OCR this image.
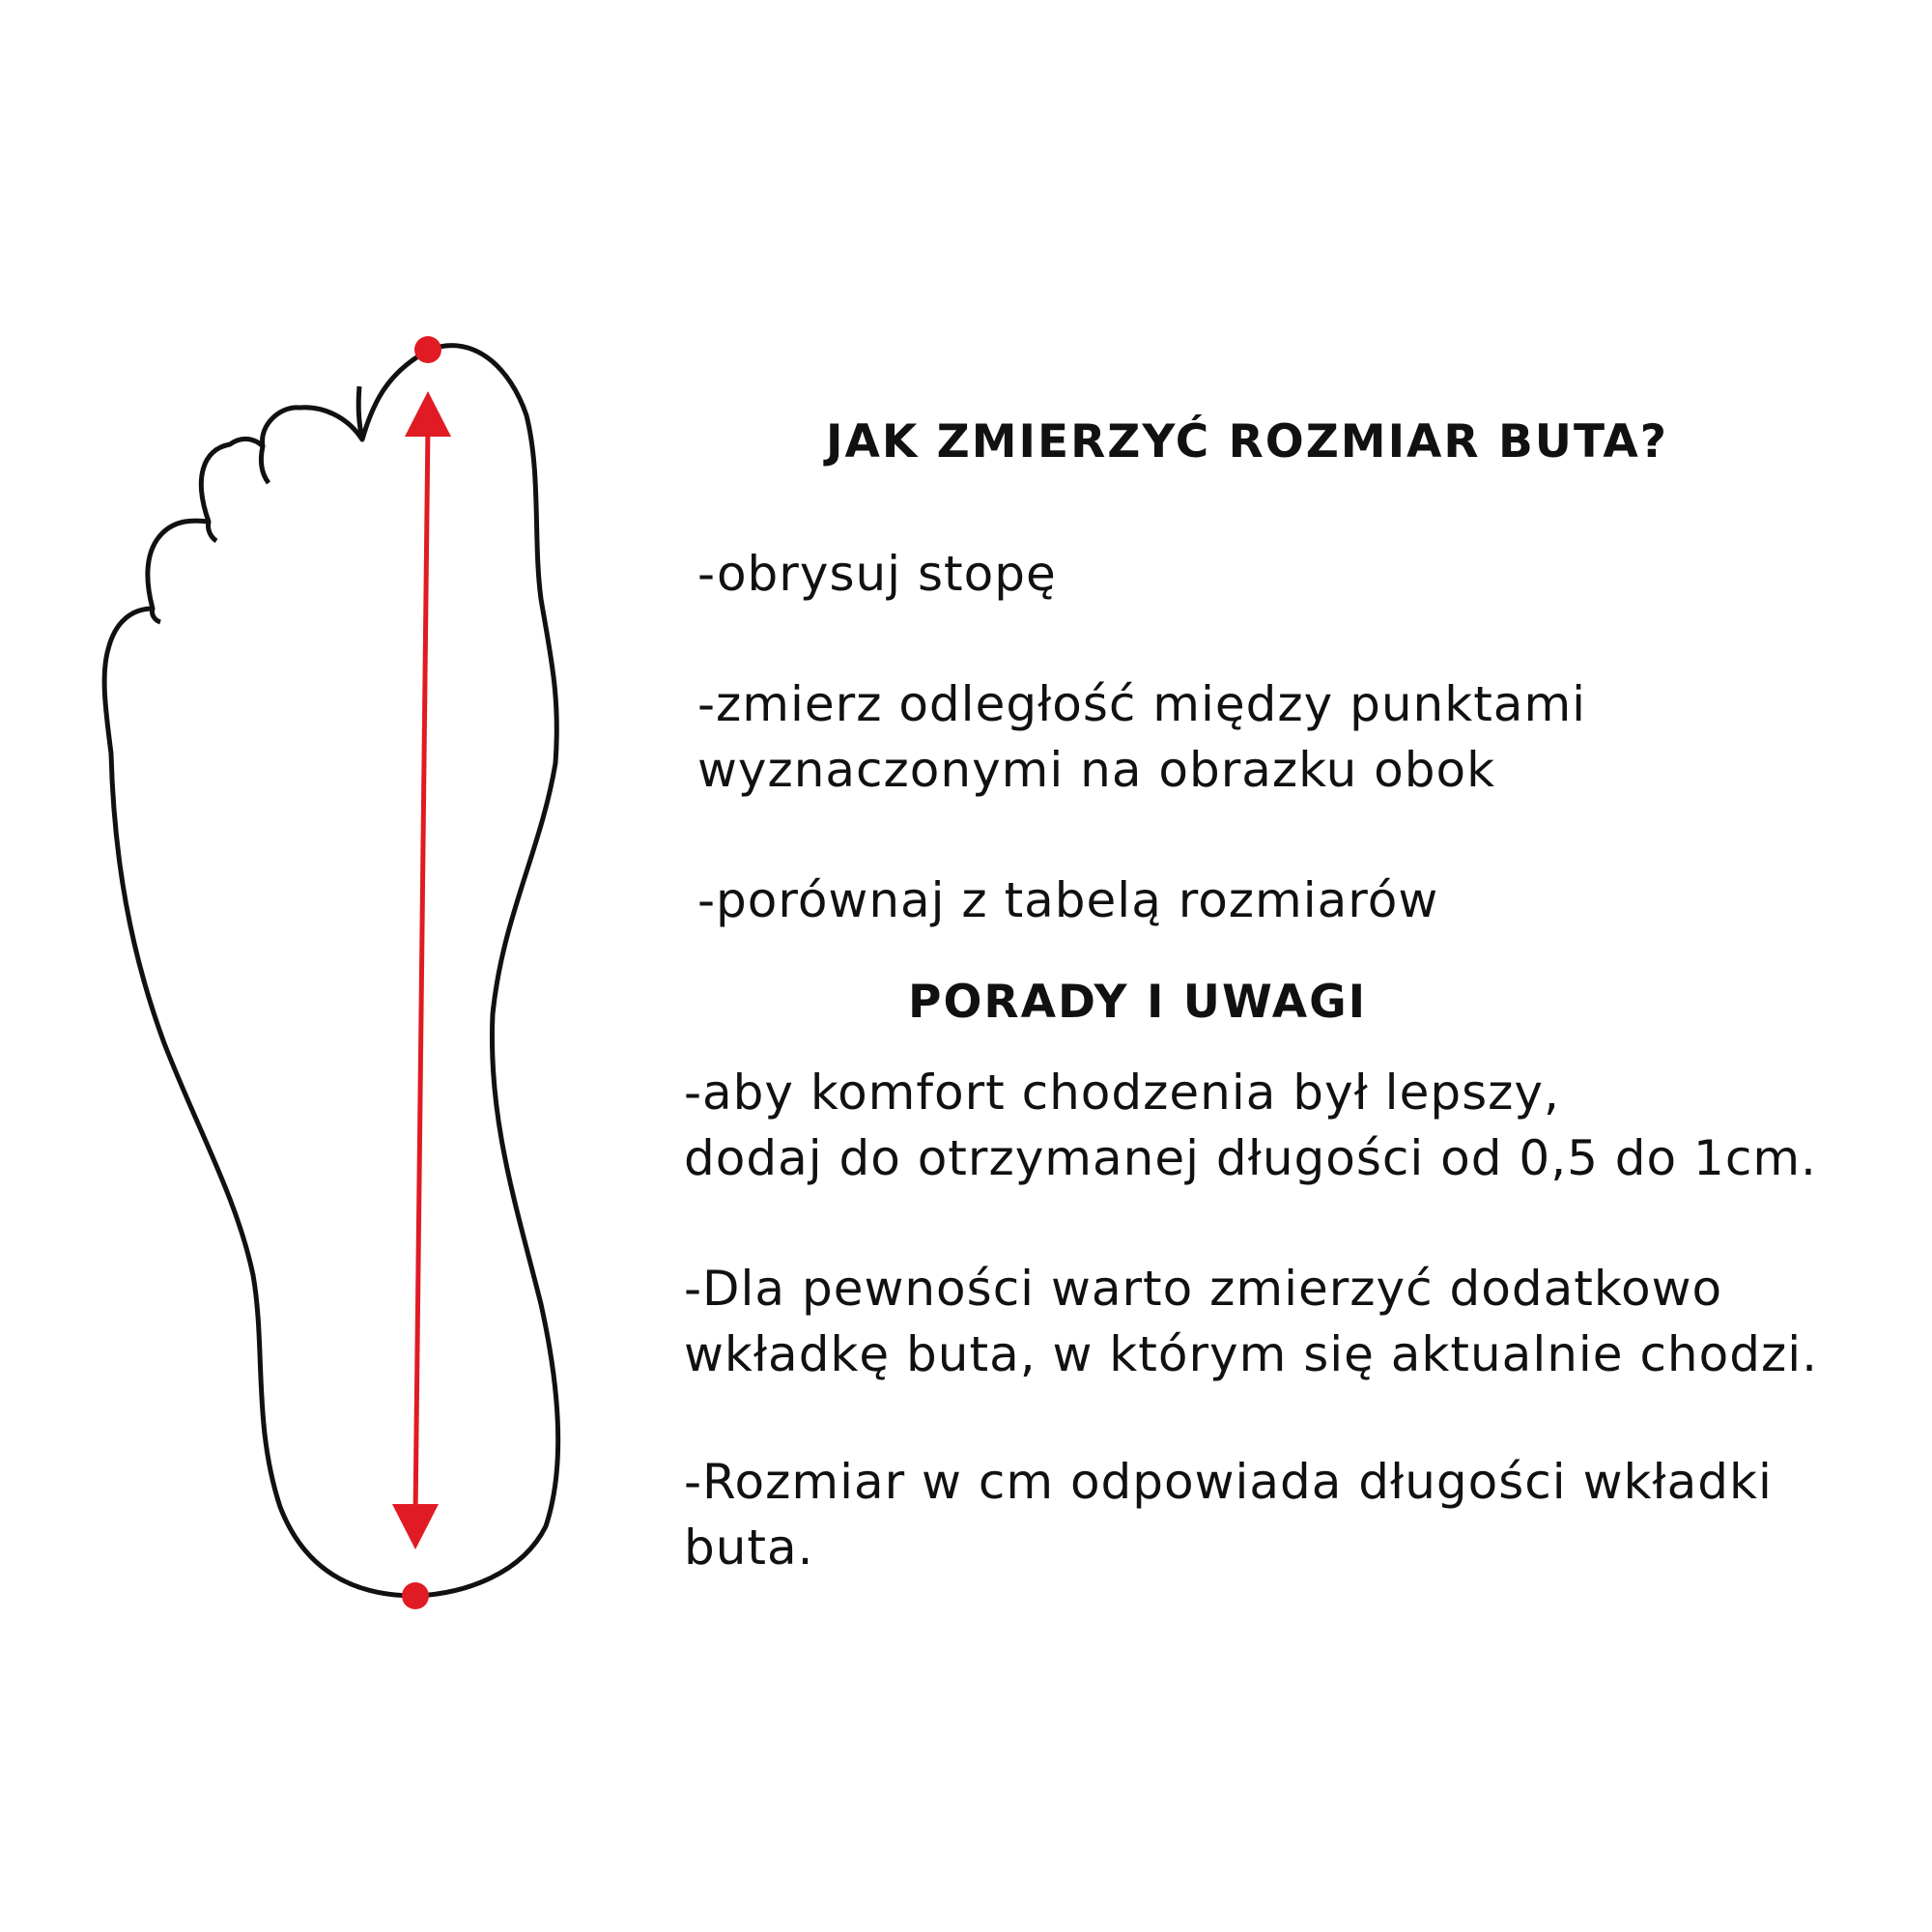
JAK ZMIERZYĆ ROZMIAR BUTA?

-obrysuj stopę

-zmierz odległość między punktami
wyznaczonymi na obrazku obok

-porównaj z tabelą rozmiarów

PORADY I UWAGI

-aby komfort chodzenia był lepszy,
dodaj do otrzymanej długości od 0,5 do 1cm.

-Dla pewności warto zmierzyć dodatkowo
wkładkę buta, w którym się aktualnie chodzi.

-Rozmiar w cm odpowiada długości wkładki
buta.
